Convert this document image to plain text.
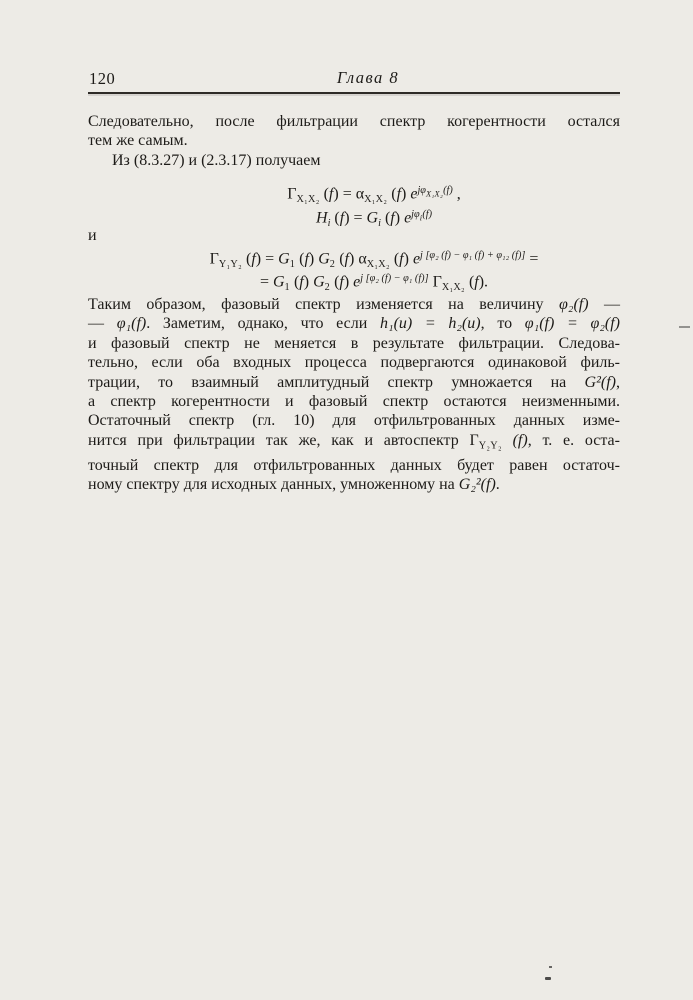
120	Глава 8
Следовательно, после фильтрации спектр когерентности остался
тем же самым.
Из (8.3.27) и (2.3.17) получаем
$\Gamma_{X_1X_2}$ $(f) = \alpha_{X_1X_2}$ (f) $e^{j\varphi}X_1X_2^{(f)}$ ,
$H_i$ $(f) = G_i$ (f) $e^{j\varphi}i^{(f)}$
и
$\Gamma_{Y_1Y_2}$ $(f) = G_1$ (f) $G_2$ (f) $\alpha_{X_1X_2}$ (f) $e^{j [\varphi_2 (f) - \varphi_1 (f) + \varphi_{12} (f)]}$ =
= $G_1$ (f) $G_2$ (f) $e^{j [\varphi_2 (f) - \varphi_1 (f)]}$ $\Gamma_{X_1X_2}$ (f).
Таким образом, фазовый спектр изменяется на величину φ₂(f) —
— φ₁(f). Заметим, однако, что если h₁(u) = h₂(u), то φ₁(f) = φ₂(f)
и фазовый спектр не меняется в результате фильтрации. Следова-
тельно, если оба входных процесса подвергаются одинаковой филь-
трации, то взаимный амплитудный спектр умножается на G²(f),
а спектр когерентности и фазовый спектр остаются неизменными.
Остаточный спектр (гл. 10) для отфильтрованных данных изме-
нится при фильтрации так же, как и автоспектр $\Gamma_{Y_2Y_2}$ (f), т. е. оста-
точный спектр для отфильтрованных данных будет равен остаточ-
ному спектру для исходных данных, умноженному на G₂²(f).
